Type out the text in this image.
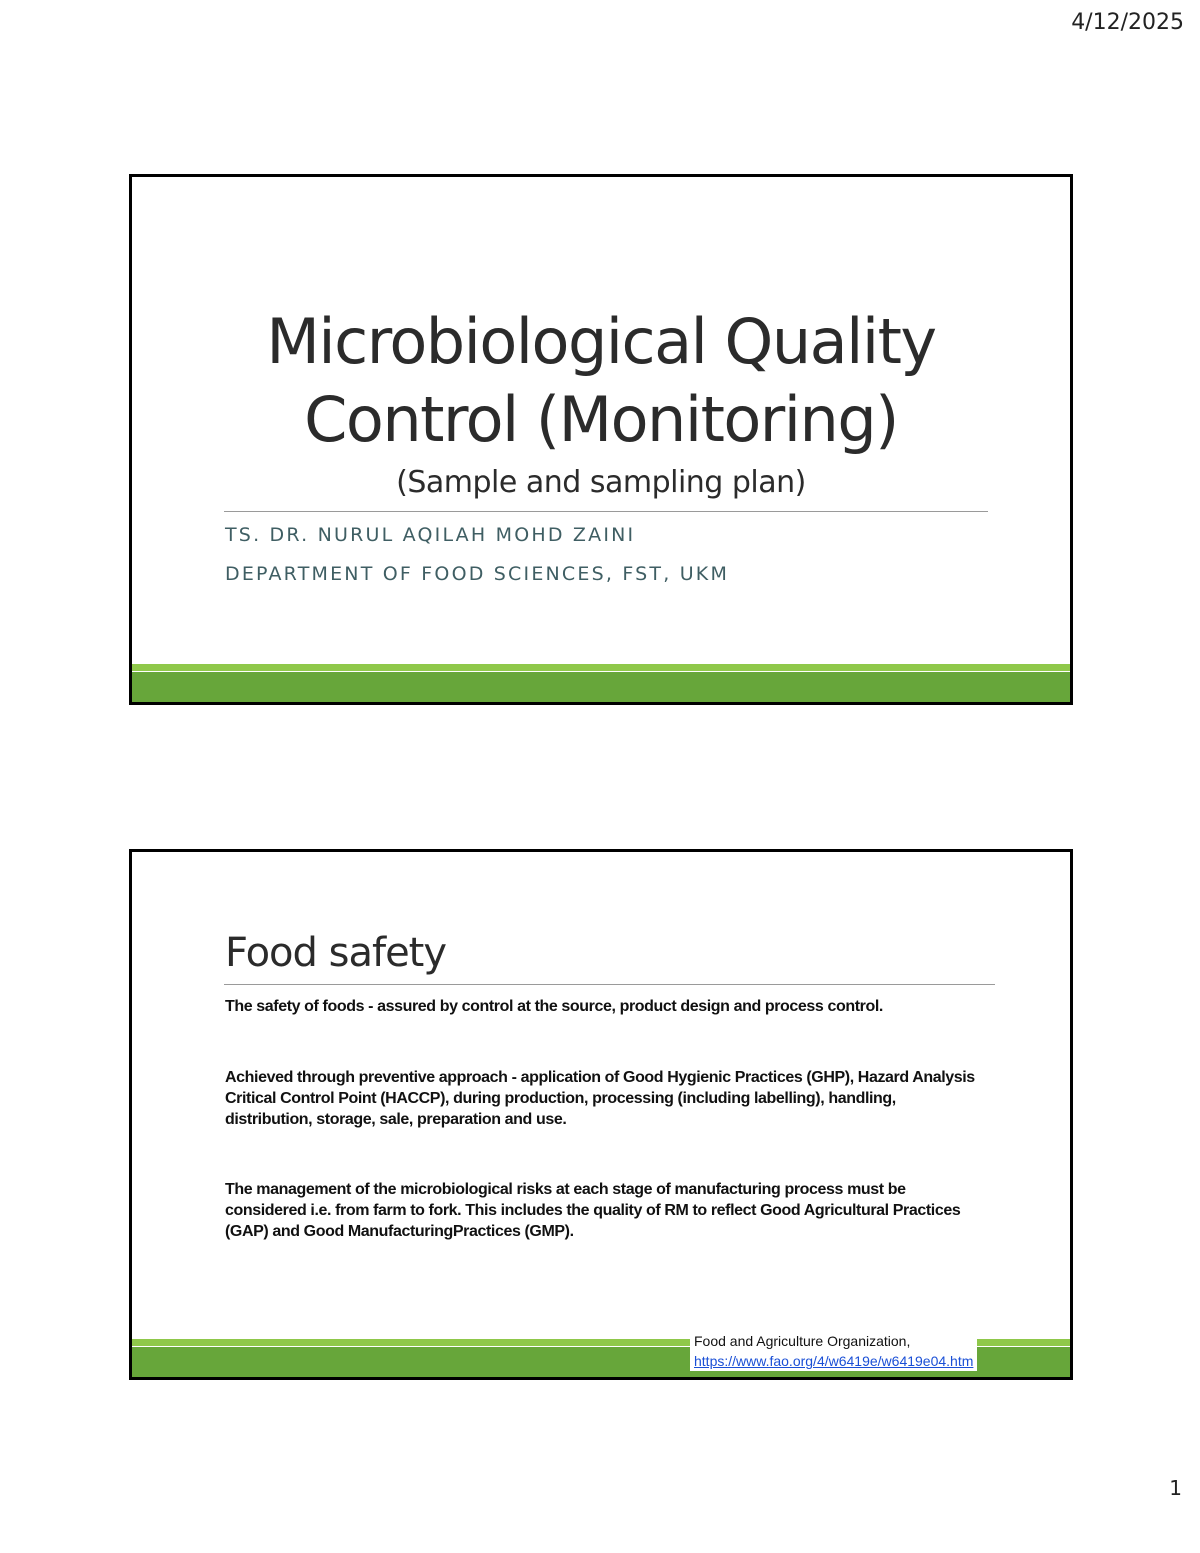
4/12/2025
Microbiological Quality
Control (Monitoring)
(Sample and sampling plan)
TS. DR. NURUL AQILAH MOHD ZAINI
DEPARTMENT OF FOOD SCIENCES, FST, UKM
Food safety
The safety of foods - assured by control at the source, product design and process control.
Achieved through preventive approach - application of Good Hygienic Practices (GHP), Hazard Analysis Critical Control Point (HACCP), during production, processing (including labelling), handling, distribution, storage, sale, preparation and use.
The management of the microbiological risks at each stage of manufacturing process must be considered i.e. from farm to fork. This includes the quality of RM to reflect Good Agricultural Practices (GAP) and Good ManufacturingPractices (GMP).
Food and Agriculture Organization,
https://www.fao.org/4/w6419e/w6419e04.htm
1
